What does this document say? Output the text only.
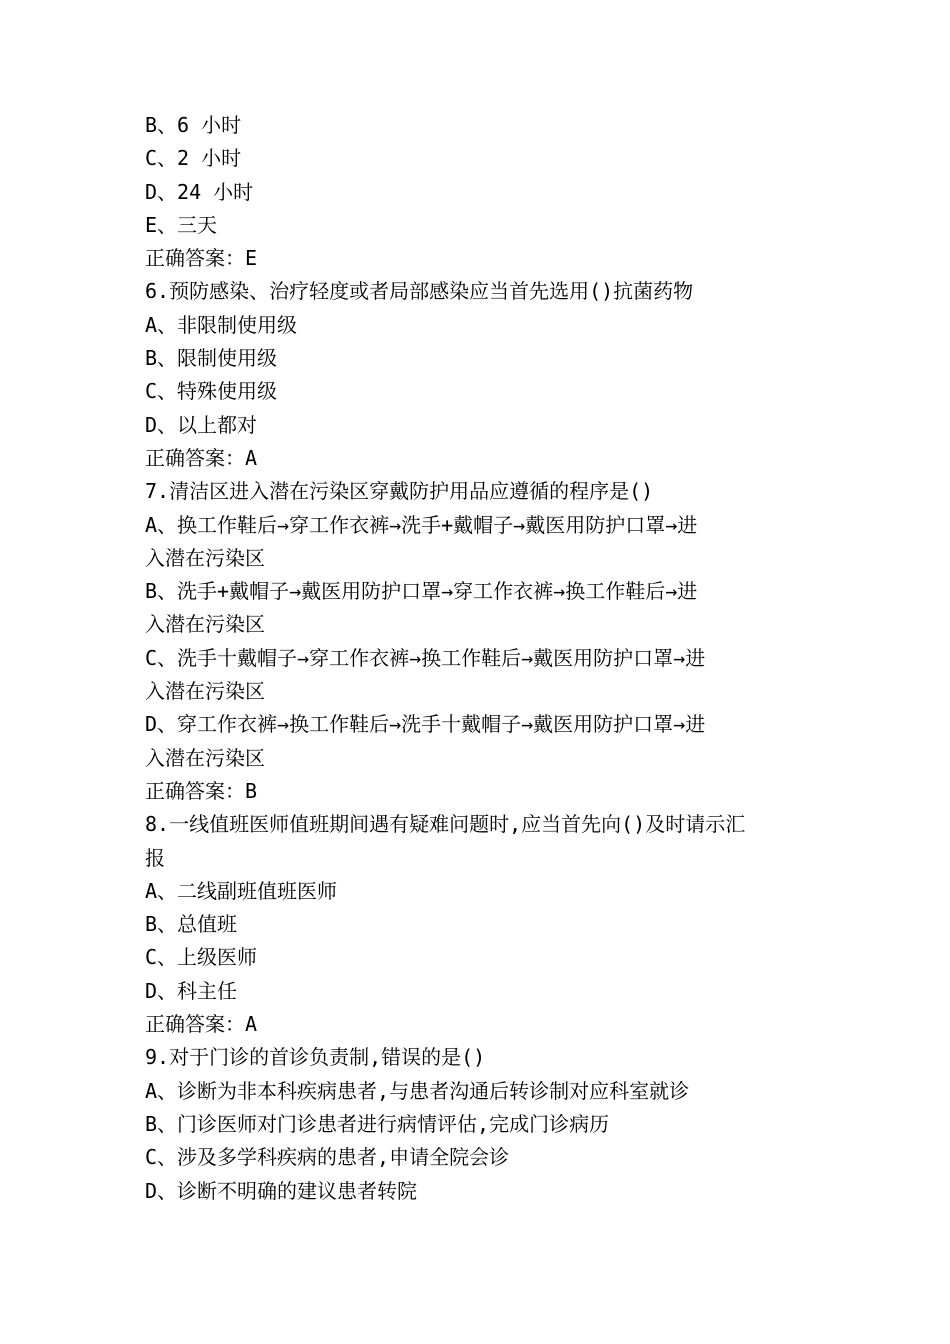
B、6 小时
C、2 小时
D、24 小时
E、三天
正确答案：E
6.预防感染、治疗轻度或者局部感染应当首先选用()抗菌药物
A、非限制使用级
B、限制使用级
C、特殊使用级
D、以上都对
正确答案：A
7.清洁区进入潜在污染区穿戴防护用品应遵循的程序是()
A、换工作鞋后→穿工作衣裤→洗手+戴帽子→戴医用防护口罩→进
入潜在污染区
B、洗手+戴帽子→戴医用防护口罩→穿工作衣裤→换工作鞋后→进
入潜在污染区
C、洗手十戴帽子→穿工作衣裤→换工作鞋后→戴医用防护口罩→进
入潜在污染区
D、穿工作衣裤→换工作鞋后→洗手十戴帽子→戴医用防护口罩→进
入潜在污染区
正确答案：B
8.一线值班医师值班期间遇有疑难问题时,应当首先向()及时请示汇
报
A、二线副班值班医师
B、总值班
C、上级医师
D、科主任
正确答案：A
9.对于门诊的首诊负责制,错误的是()
A、诊断为非本科疾病患者,与患者沟通后转诊制对应科室就诊
B、门诊医师对门诊患者进行病情评估,完成门诊病历
C、涉及多学科疾病的患者,申请全院会诊
D、诊断不明确的建议患者转院
